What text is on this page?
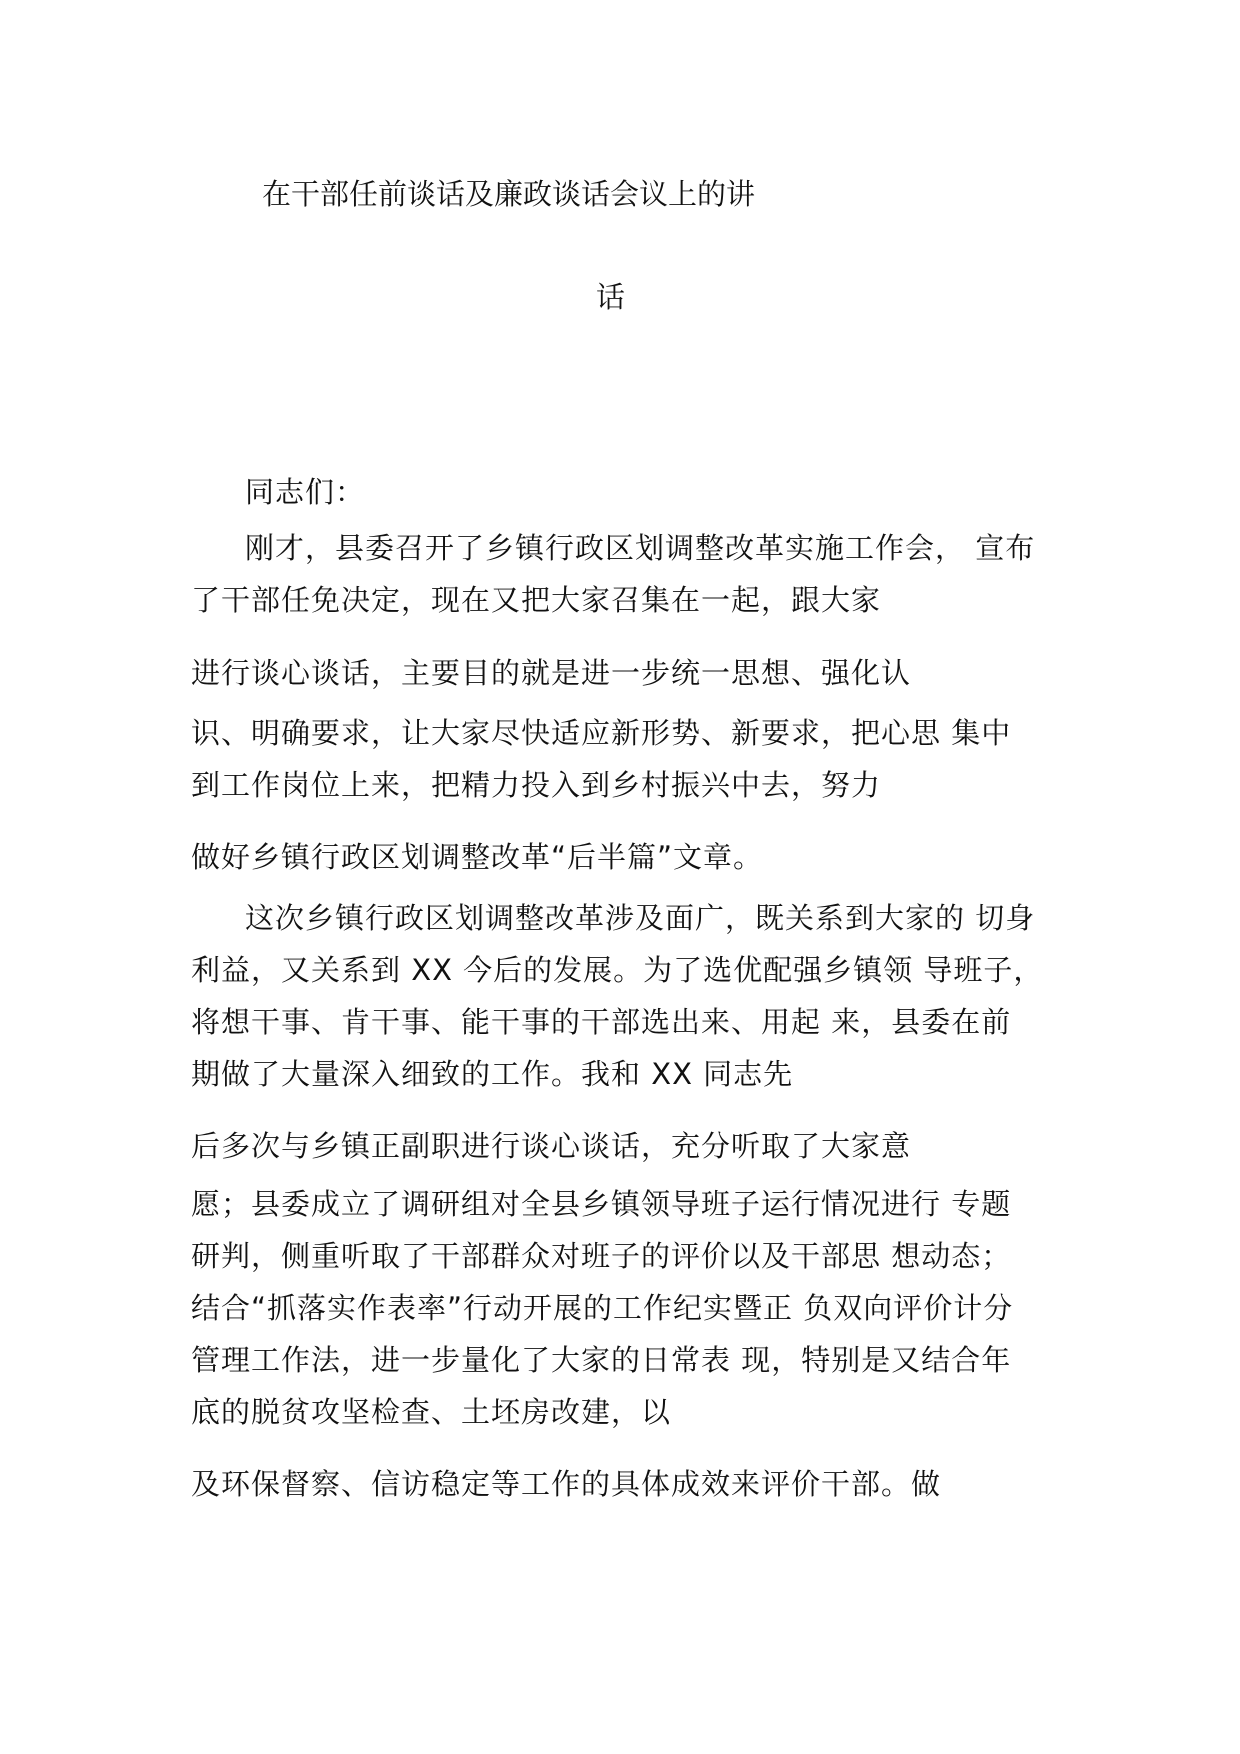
在干部任前谈话及廉政谈话会议上的讲
话
同志们：
刚才，县委召开了乡镇行政区划调整改革实施工作会， 宣布
了干部任免决定，现在又把大家召集在一起，跟大家
进行谈心谈话，主要目的就是进一步统一思想、强化认
识、明确要求，让大家尽快适应新形势、新要求，把心思 集中
到工作岗位上来，把精力投入到乡村振兴中去，努力
做好乡镇行政区划调整改革“后半篇”文章。
这次乡镇行政区划调整改革涉及面广，既关系到大家的 切身
利益，又关系到 XX 今后的发展。为了选优配强乡镇领 导班子，
将想干事、肯干事、能干事的干部选出来、用起 来，县委在前
期做了大量深入细致的工作。我和 XX 同志先
后多次与乡镇正副职进行谈心谈话，充分听取了大家意
愿；县委成立了调研组对全县乡镇领导班子运行情况进行 专题
研判，侧重听取了干部群众对班子的评价以及干部思 想动态；
结合“抓落实作表率”行动开展的工作纪实暨正 负双向评价计分
管理工作法，进一步量化了大家的日常表 现，特别是又结合年
底的脱贫攻坚检查、土坯房改建，以
及环保督察、信访稳定等工作的具体成效来评价干部。做
